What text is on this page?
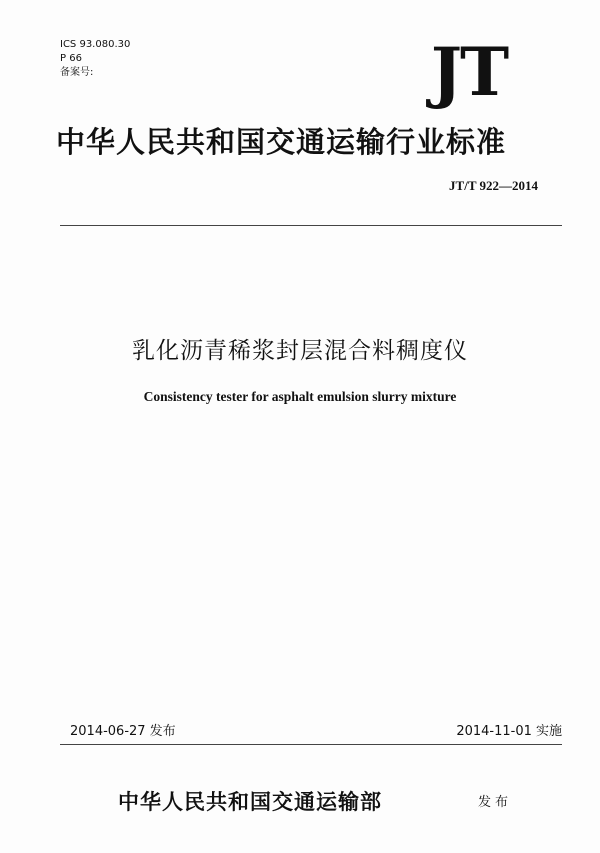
ICS 93.080.30
P 66
备案号:	JT
中华人民共和国交通运输行业标准
JT/T 922—2014
乳化沥青稀浆封层混合料稠度仪
Consistency tester for asphalt emulsion slurry mixture
2014-06-27 发布	2014-11-01 实施
中华人民共和国交通运输部	发布
